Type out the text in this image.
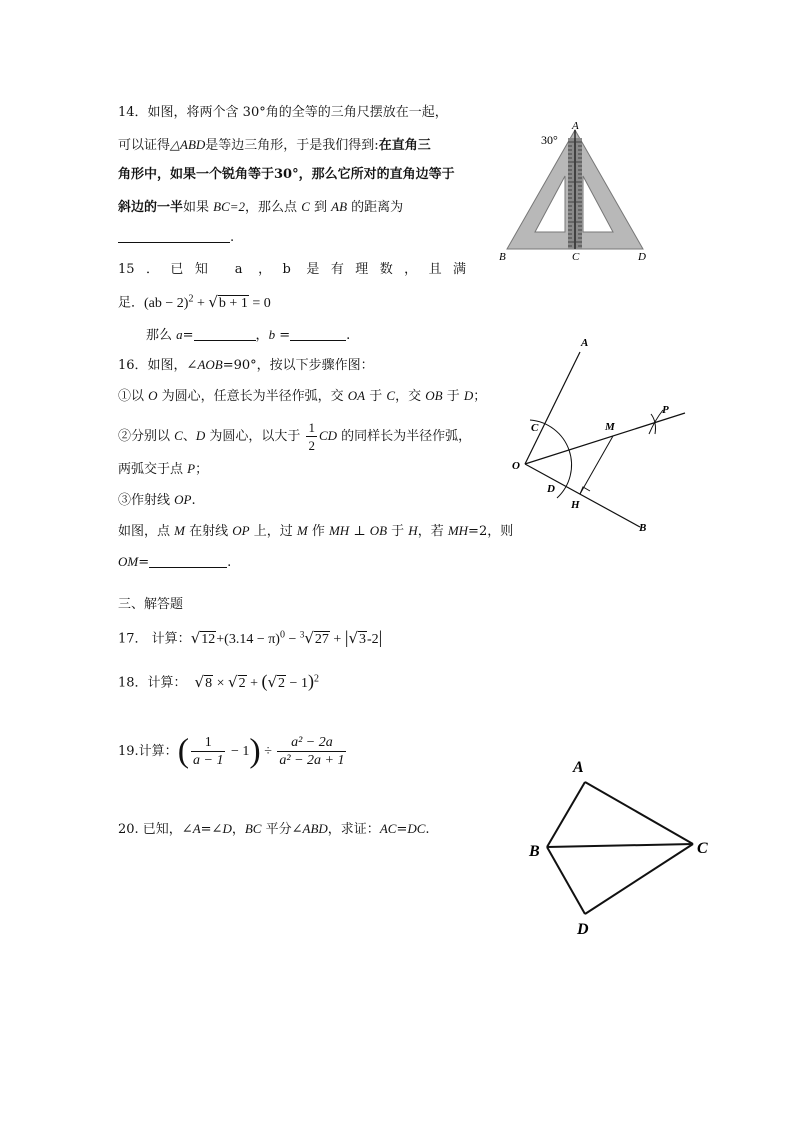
14．如图，将两个含 30°角的全等的三角尺摆放在一起，
可以证得△ABD是等边三角形，于是我们得到:在直角三
角形中，如果一个锐角等于30°，那么它所对的直角边等于
斜边的一半如果 BC=2，那么点 C 到 AB 的距离为
.
30°
A
B	C	D
15．已知 a ，b 是有理数，且满
足．(ab − 2)$^2$ + √b + 1 = 0
那么 a=	，b =	.
16．如图，∠AOB=90°，按以下步骤作图：
①以 O 为圆心，任意长为半径作弧，交 OA 于 C，交 OB 于 D；
②分别以 C、D 为圆心，以大于 $\frac{1}{2}$ CD 的同样长为半径作弧，
两弧交于点 P；
③作射线 OP.
如图，点 M 在射线 OP 上，过 M 作 MH ⊥ OB 于 H，若 MH=2，则
OM=	.
A
B
O
C
D
M
H
P
三、解答题
17． 计算：$√12+(3.14 - \pi)^0 - ^3√27 + |√3-2|$
18．计算： $√8 \times √2 + (√2 - 1)^2$
19.计算：( $\frac{1}{a - 1} - 1) \div \frac{\text{a² − 2a}}{\text{a² − 2a + 1}}$
20. 已知，∠A=∠D，BC 平分∠ABD，求证：AC=DC.
A
B	C
D
